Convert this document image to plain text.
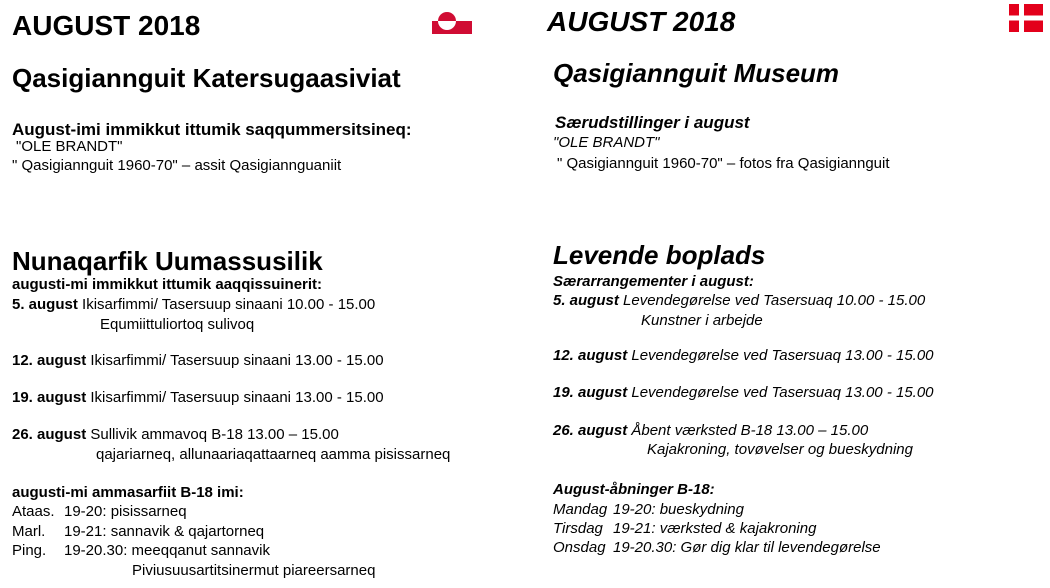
AUGUST 2018
Qasigiannguit Katersugaasiviat
August-imi immikkut ittumik saqqummersitsineq:
"OLE BRANDT"
" Qasigiannguit 1960-70" – assit Qasigiannguaniit
Nunaqarfik Uumassusilik
augusti-mi immikkut ittumik aaqqissuinerit:
5. august Ikisarfimmi/ Tasersuup sinaani 10.00 - 15.00
Equmiittuliortoq sulivoq
12. august Ikisarfimmi/ Tasersuup sinaani 13.00 - 15.00
19. august Ikisarfimmi/ Tasersuup sinaani 13.00 - 15.00
26. august Sullivik ammavoq B-18 13.00 – 15.00
qajariarneq, allunaariaqattaarneq aamma pisissarneq
augusti-mi ammasarfiit B-18 imi:
Ataas. 19-20: pisissarneq
Marl. 19-21: sannavik & qajartorneq
Ping. 19-20.30: meeqqanut sannavik
Piviusuusartitsinermut piareersarneq
AUGUST 2018
Qasigiannguit Museum
Særudstillinger i august
"OLE BRANDT"
" Qasigiannguit 1960-70" – fotos fra Qasigiannguit
Levende boplads
Særarrangementer i august:
5. august Levendegørelse ved Tasersuaq 10.00 - 15.00
Kunstner i arbejde
12. august Levendegørelse ved Tasersuaq 13.00 - 15.00
19. august Levendegørelse ved Tasersuaq 13.00 - 15.00
26. august Åbent værksted B-18 13.00 – 15.00
Kajakroning, tovøvelser og bueskydning
August-åbninger B-18:
Mandag 19-20: bueskydning
Tirsdag 19-21: værksted & kajakroning
Onsdag 19-20.30: Gør dig klar til levendegørelse
